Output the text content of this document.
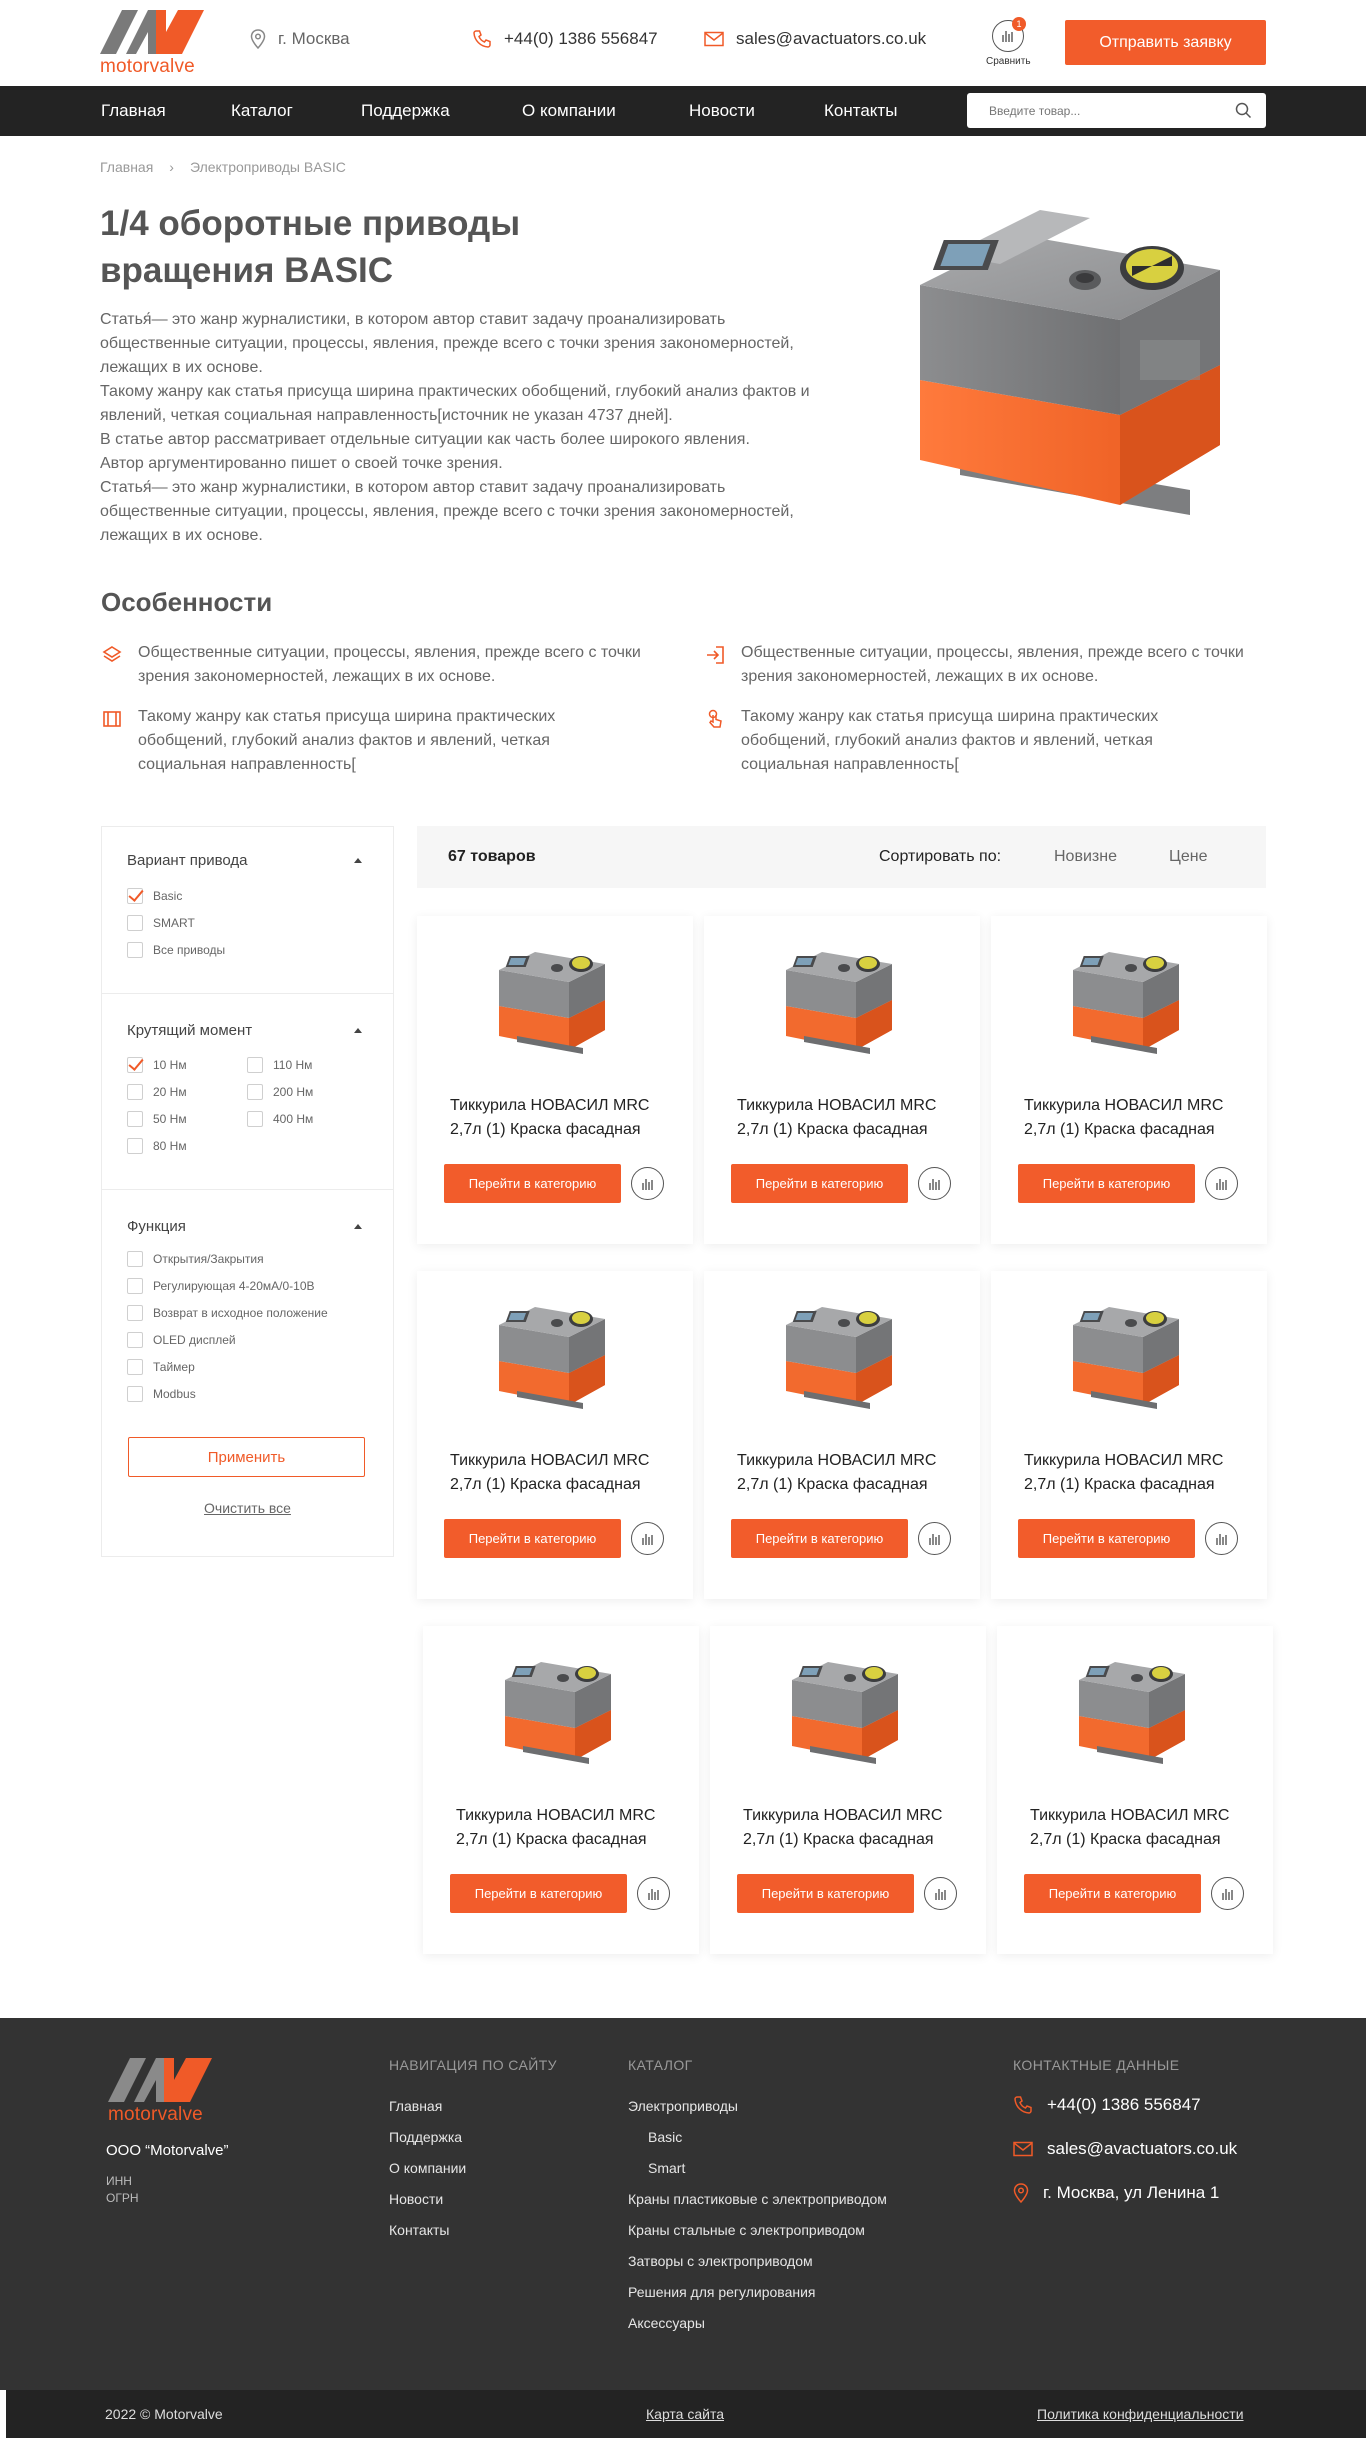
motorvalve
г. Москва	+44(0) 1386 556847	sales@avactuators.co.uk
1
Сравнить
Отправить заявку
Главная	Каталог	Поддержка	О компании	Новости	Контакты
Введите товар...
Главная › Электроприводы BASIC
1/4 оборотные приводы вращения BASIC

Статья́— это жанр журналистики, в котором автор ставит задачу проанализировать общественные ситуации, процессы, явления, прежде всего с точки зрения закономерностей, лежащих в их основе.

Такому жанру как статья присуща ширина практических обобщений, глубокий анализ фактов и явлений, четкая социальная направленность[источник не указан 4737 дней].

В статье автор рассматривает отдельные ситуации как часть более широкого явления.

Автор аргументированно пишет о своей точке зрения.

Статья́— это жанр журналистики, в котором автор ставит задачу проанализировать общественные ситуации, процессы, явления, прежде всего с точки зрения закономерностей, лежащих в их основе.

Особенности

Общественные ситуации, процессы, явления, прежде всего с точки зрения закономерностей, лежащих в их основе.

Общественные ситуации, процессы, явления, прежде всего с точки зрения закономерностей, лежащих в их основе.

Такому жанру как статья присуща ширина практических обобщений, глубокий анализ фактов и явлений, четкая социальная направленность[

Такому жанру как статья присуща ширина практических обобщений, глубокий анализ фактов и явлений, четкая социальная направленность[

Вариант привода
Basic
SMART
Все приводы
Крутящий момент
10 Нм	110 Нм
20 Нм	200 Нм
50 Нм	400 Нм
80 Нм
Функция
Открытия/Закрытия
Регулирующая 4-20мА/0-10В
Возврат в исходное положение
OLED дисплей
Таймер
Modbus
Применить
Очистить все
67 товаров	Сортировать по:	Новизне	Цене
Тиккурила НОВАСИЛ MRC 2,7л (1) Краска фасадная
Перейти в категорию
Тиккурила НОВАСИЛ MRC 2,7л (1) Краска фасадная
Перейти в категорию
Тиккурила НОВАСИЛ MRC 2,7л (1) Краска фасадная
Перейти в категорию
Тиккурила НОВАСИЛ MRC 2,7л (1) Краска фасадная
Перейти в категорию
Тиккурила НОВАСИЛ MRC 2,7л (1) Краска фасадная
Перейти в категорию
Тиккурила НОВАСИЛ MRC 2,7л (1) Краска фасадная
Перейти в категорию
Тиккурила НОВАСИЛ MRC 2,7л (1) Краска фасадная
Перейти в категорию
Тиккурила НОВАСИЛ MRC 2,7л (1) Краска фасадная
Перейти в категорию
Тиккурила НОВАСИЛ MRC 2,7л (1) Краска фасадная
Перейти в категорию
motorvalve
ООО “Motorvalve”
ИНН
ОГРН
НАВИГАЦИЯ ПО САЙТУ
Главная
Поддержка
О компании
Новости
Контакты
КАТАЛОГ
Электроприводы
Basic
Smart
Краны пластиковые с электроприводом
Краны стальные с электроприводом
Затворы с электроприводом
Решения для регулирования
Аксессуары
КОНТАКТНЫЕ ДАННЫЕ
+44(0) 1386 556847
sales@avactuators.co.uk
г. Москва, ул Ленина 1
2022 © Motorvalve	Карта сайта	Политика конфиденциальности
